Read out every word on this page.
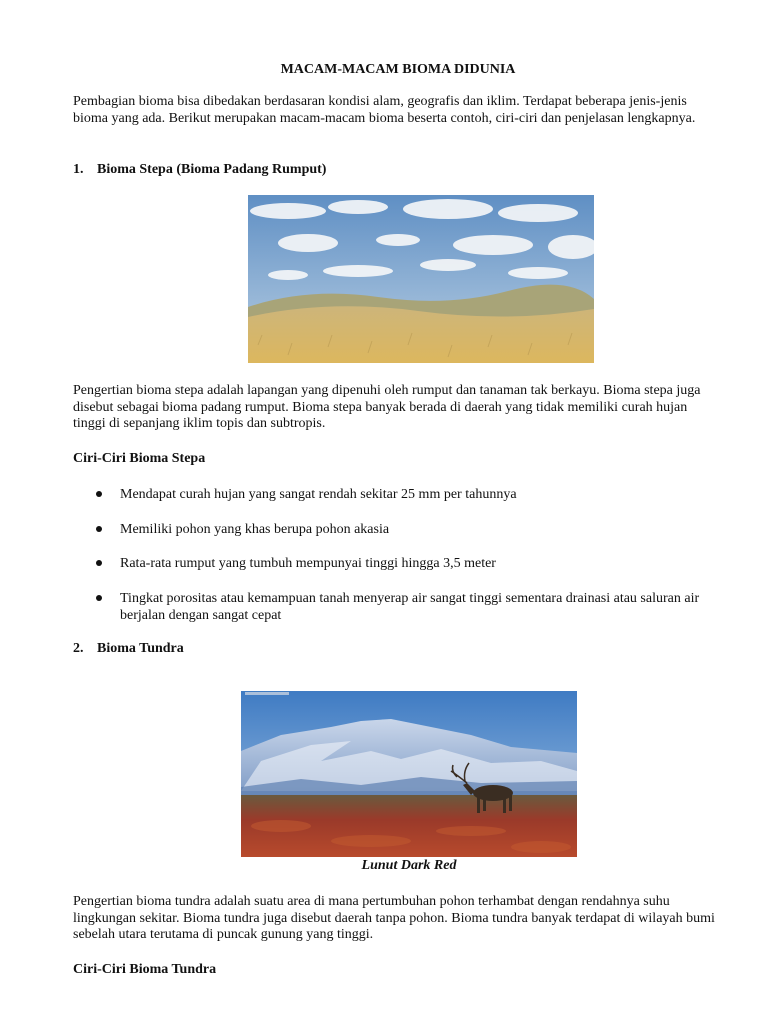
MACAM-MACAM BIOMA DIDUNIA

Pembagian bioma bisa dibedakan berdasaran kondisi alam, geografis dan iklim. Terdapat beberapa jenis-jenis bioma yang ada. Berikut merupakan macam-macam bioma beserta contoh, ciri-ciri dan penjelasan lengkapnya.

1. Bioma Stepa (Bioma Padang Rumput)

Pengertian bioma stepa adalah lapangan yang dipenuhi oleh rumput dan tanaman tak berkayu. Bioma stepa juga disebut sebagai bioma padang rumput. Bioma stepa banyak berada di daerah yang tidak memiliki curah hujan tinggi di sepanjang iklim topis dan subtropis.

Ciri-Ciri Bioma Stepa

Mendapat curah hujan yang sangat rendah sekitar 25 mm per tahunnya
Memiliki pohon yang khas berupa pohon akasia
Rata-rata rumput yang tumbuh mempunyai tinggi hingga 3,5 meter
Tingkat porositas atau kemampuan tanah menyerap air sangat tinggi sementara drainasi atau saluran air berjalan dengan sangat cepat

2. Bioma Tundra

Lunut Dark Red

Pengertian bioma tundra adalah suatu area di mana pertumbuhan pohon terhambat dengan rendahnya suhu lingkungan sekitar. Bioma tundra juga disebut daerah tanpa pohon. Bioma tundra banyak terdapat di wilayah bumi sebelah utara terutama di puncak gunung yang tinggi.

Ciri-Ciri Bioma Tundra
